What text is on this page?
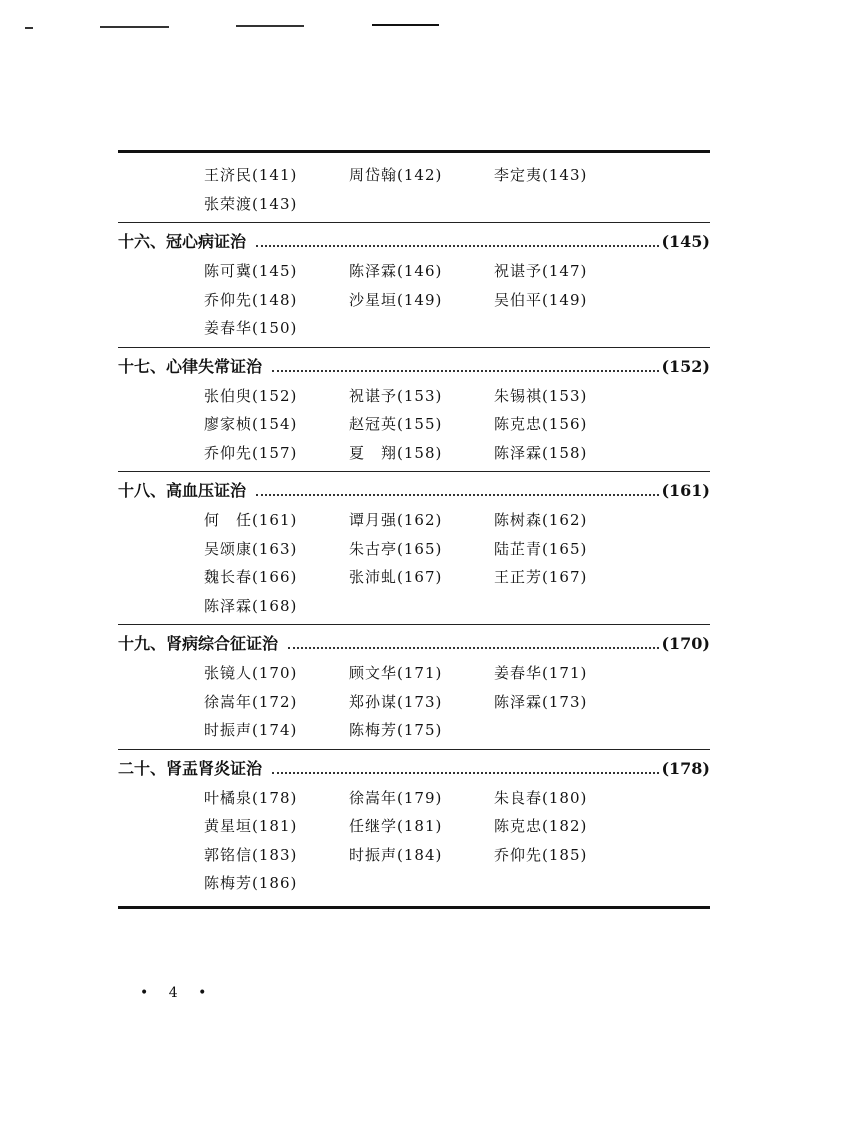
王济民(141)	周岱翰(142)	李定夷(143)
张荣渡(143)
十六、 冠心病证治	(145)
陈可冀(145)	陈泽霖(146)	祝谌予(147)
乔仰先(148)	沙星垣(149)	吴伯平(149)
姜春华(150)
十七、 心律失常证治	(152)
张伯臾(152)	祝谌予(153)	朱锡祺(153)
廖家桢(154)	赵冠英(155)	陈克忠(156)
乔仰先(157)	夏　翔(158)	陈泽霖(158)
十八、 高血压证治	(161)
何　任(161)	谭月强(162)	陈树森(162)
吴颂康(163)	朱古亭(165)	陆芷青(165)
魏长春(166)	张沛虬(167)	王正芳(167)
陈泽霖(168)
十九、 肾病综合征证治	(170)
张镜人(170)	顾文华(171)	姜春华(171)
徐嵩年(172)	郑孙谋(173)	陈泽霖(173)
时振声(174)	陈梅芳(175)
二十、 肾盂肾炎证治	(178)
叶橘泉(178)	徐嵩年(179)	朱良春(180)
黄星垣(181)	任继学(181)	陈克忠(182)
郭铭信(183)	时振声(184)	乔仰先(185)
陈梅芳(186)
• 4 •
